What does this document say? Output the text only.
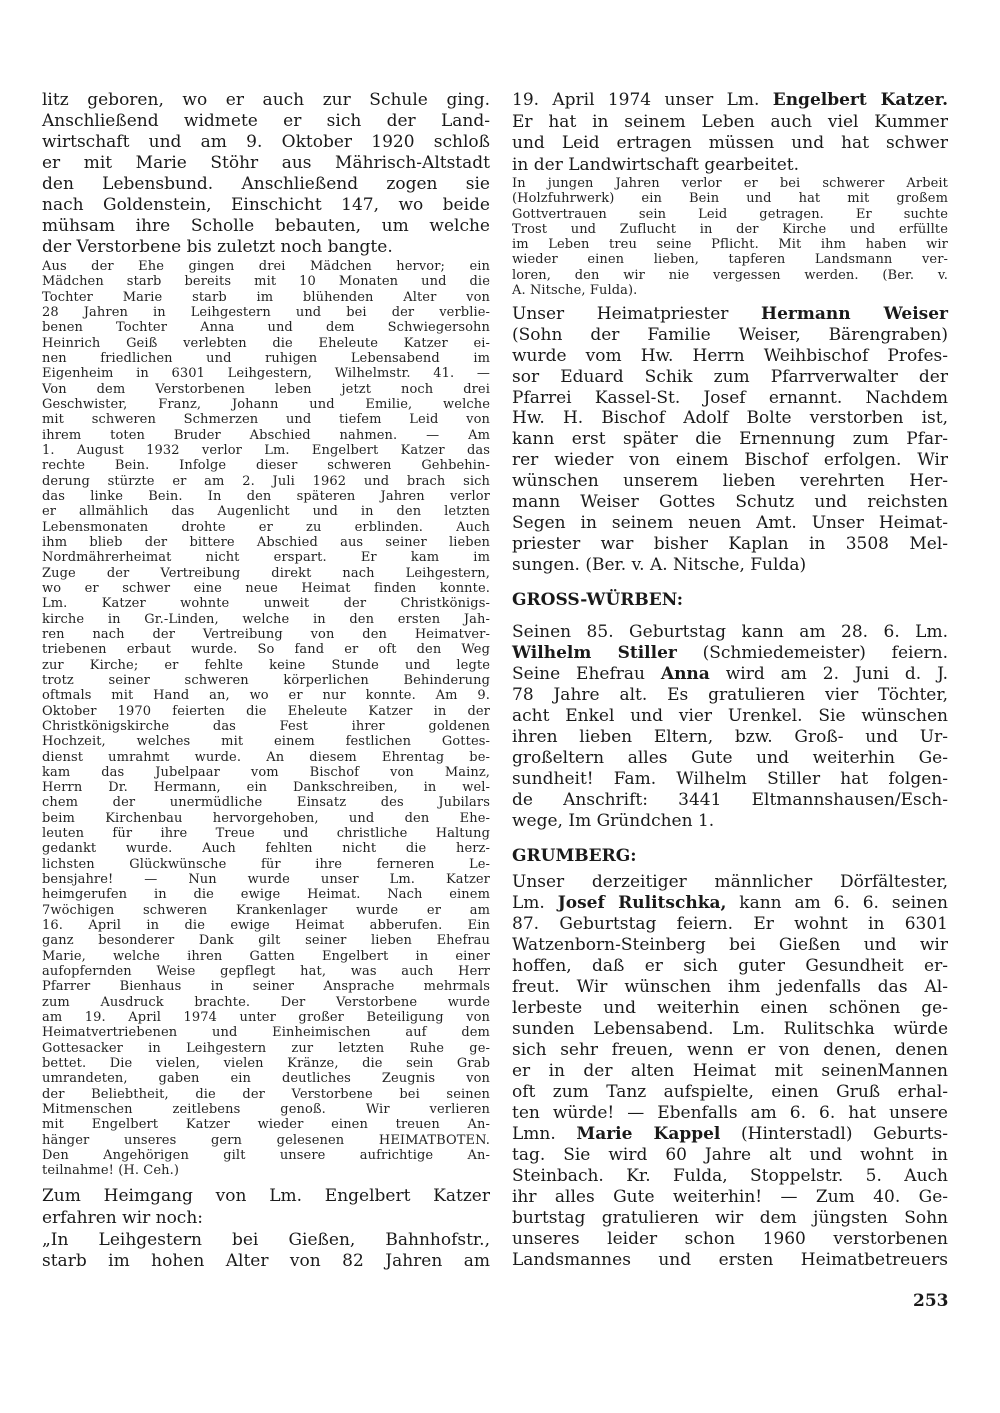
litz geboren, wo er auch zur Schule ging.
Anschließend widmete er sich der Land-
wirtschaft und am 9. Oktober 1920 schloß
er mit Marie Stöhr aus Mährisch-Altstadt
den Lebensbund. Anschließend zogen sie
nach Goldenstein, Einschicht 147, wo beide
mühsam ihre Scholle bebauten, um welche
der Verstorbene bis zuletzt noch bangte.
Aus der Ehe gingen drei Mädchen hervor; ein
Mädchen starb bereits mit 10 Monaten und die
Tochter Marie starb im blühenden Alter von
28 Jahren in Leihgestern und bei der verblie-
benen Tochter Anna und dem Schwiegersohn
Heinrich Geiß verlebten die Eheleute Katzer ei-
nen friedlichen und ruhigen Lebensabend im
Eigenheim in 6301 Leihgestern, Wilhelmstr. 41. —
Von dem Verstorbenen leben jetzt noch drei
Geschwister, Franz, Johann und Emilie, welche
mit schweren Schmerzen und tiefem Leid von
ihrem toten Bruder Abschied nahmen. — Am
1. August 1932 verlor Lm. Engelbert Katzer das
rechte Bein. Infolge dieser schweren Gehbehin-
derung stürzte er am 2. Juli 1962 und brach sich
das linke Bein. In den späteren Jahren verlor
er allmählich das Augenlicht und in den letzten
Lebensmonaten drohte er zu erblinden. Auch
ihm blieb der bittere Abschied aus seiner lieben
Nordmährerheimat nicht erspart. Er kam im
Zuge der Vertreibung direkt nach Leihgestern,
wo er schwer eine neue Heimat finden konnte.
Lm. Katzer wohnte unweit der Christkönigs-
kirche in Gr.-Linden, welche in den ersten Jah-
ren nach der Vertreibung von den Heimatver-
triebenen erbaut wurde. So fand er oft den Weg
zur Kirche; er fehlte keine Stunde und legte
trotz seiner schweren körperlichen Behinderung
oftmals mit Hand an, wo er nur konnte. Am 9.
Oktober 1970 feierten die Eheleute Katzer in der
Christkönigskirche das Fest ihrer goldenen
Hochzeit, welches mit einem festlichen Gottes-
dienst umrahmt wurde. An diesem Ehrentag be-
kam das Jubelpaar vom Bischof von Mainz,
Herrn Dr. Hermann, ein Dankschreiben, in wel-
chem der unermüdliche Einsatz des Jubilars
beim Kirchenbau hervorgehoben, und den Ehe-
leuten für ihre Treue und christliche Haltung
gedankt wurde. Auch fehlten nicht die herz-
lichsten Glückwünsche für ihre ferneren Le-
bensjahre! — Nun wurde unser Lm. Katzer
heimgerufen in die ewige Heimat. Nach einem
7wöchigen schweren Krankenlager wurde er am
16. April in die ewige Heimat abberufen. Ein
ganz besonderer Dank gilt seiner lieben Ehefrau
Marie, welche ihren Gatten Engelbert in einer
aufopfernden Weise gepflegt hat, was auch Herr
Pfarrer Bienhaus in seiner Ansprache mehrmals
zum Ausdruck brachte. Der Verstorbene wurde
am 19. April 1974 unter großer Beteiligung von
Heimatvertriebenen und Einheimischen auf dem
Gottesacker in Leihgestern zur letzten Ruhe ge-
bettet. Die vielen, vielen Kränze, die sein Grab
umrandeten, gaben ein deutliches Zeugnis von
der Beliebtheit, die der Verstorbene bei seinen
Mitmenschen zeitlebens genoß. Wir verlieren
mit Engelbert Katzer wieder einen treuen An-
hänger unseres gern gelesenen HEIMATBOTEN.
Den Angehörigen gilt unsere aufrichtige An-
teilnahme! (H. Ceh.)
Zum Heimgang von Lm. Engelbert Katzer
erfahren wir noch:
„In Leihgestern bei Gießen, Bahnhofstr.,
starb im hohen Alter von 82 Jahren am
19. April 1974 unser Lm. Engelbert Katzer.
Er hat in seinem Leben auch viel Kummer
und Leid ertragen müssen und hat schwer
in der Landwirtschaft gearbeitet.
In jungen Jahren verlor er bei schwerer Arbeit
(Holzfuhrwerk) ein Bein und hat mit großem
Gottvertrauen sein Leid getragen. Er suchte
Trost und Zuflucht in der Kirche und erfüllte
im Leben treu seine Pflicht. Mit ihm haben wir
wieder einen lieben, tapferen Landsmann ver-
loren, den wir nie vergessen werden. (Ber. v.
A. Nitsche, Fulda).
Unser Heimatpriester Hermann Weiser
(Sohn der Familie Weiser, Bärengraben)
wurde vom Hw. Herrn Weihbischof Profes-
sor Eduard Schik zum Pfarrverwalter der
Pfarrei Kassel-St. Josef ernannt. Nachdem
Hw. H. Bischof Adolf Bolte verstorben ist,
kann erst später die Ernennung zum Pfar-
rer wieder von einem Bischof erfolgen. Wir
wünschen unserem lieben verehrten Her-
mann Weiser Gottes Schutz und reichsten
Segen in seinem neuen Amt. Unser Heimat-
priester war bisher Kaplan in 3508 Mel-
sungen. (Ber. v. A. Nitsche, Fulda)
GROSS-WÜRBEN:
Seinen 85. Geburtstag kann am 28. 6. Lm.
Wilhelm Stiller (Schmiedemeister) feiern.
Seine Ehefrau Anna wird am 2. Juni d. J.
78 Jahre alt. Es gratulieren vier Töchter,
acht Enkel und vier Urenkel. Sie wünschen
ihren lieben Eltern, bzw. Groß- und Ur-
großeltern alles Gute und weiterhin Ge-
sundheit! Fam. Wilhelm Stiller hat folgen-
de Anschrift: 3441 Eltmannshausen/Esch-
wege, Im Gründchen 1.
GRUMBERG:
Unser derzeitiger männlicher Dörfältester,
Lm. Josef Rulitschka, kann am 6. 6. seinen
87. Geburtstag feiern. Er wohnt in 6301
Watzenborn-Steinberg bei Gießen und wir
hoffen, daß er sich guter Gesundheit er-
freut. Wir wünschen ihm jedenfalls das Al-
lerbeste und weiterhin einen schönen ge-
sunden Lebensabend. Lm. Rulitschka würde
sich sehr freuen, wenn er von denen, denen
er in der alten Heimat mit seinenMannen
oft zum Tanz aufspielte, einen Gruß erhal-
ten würde! — Ebenfalls am 6. 6. hat unsere
Lmn. Marie Kappel (Hinterstadl) Geburts-
tag. Sie wird 60 Jahre alt und wohnt in
Steinbach. Kr. Fulda, Stoppelstr. 5. Auch
ihr alles Gute weiterhin! — Zum 40. Ge-
burtstag gratulieren wir dem jüngsten Sohn
unseres leider schon 1960 verstorbenen
Landsmannes und ersten Heimatbetreuers
253
